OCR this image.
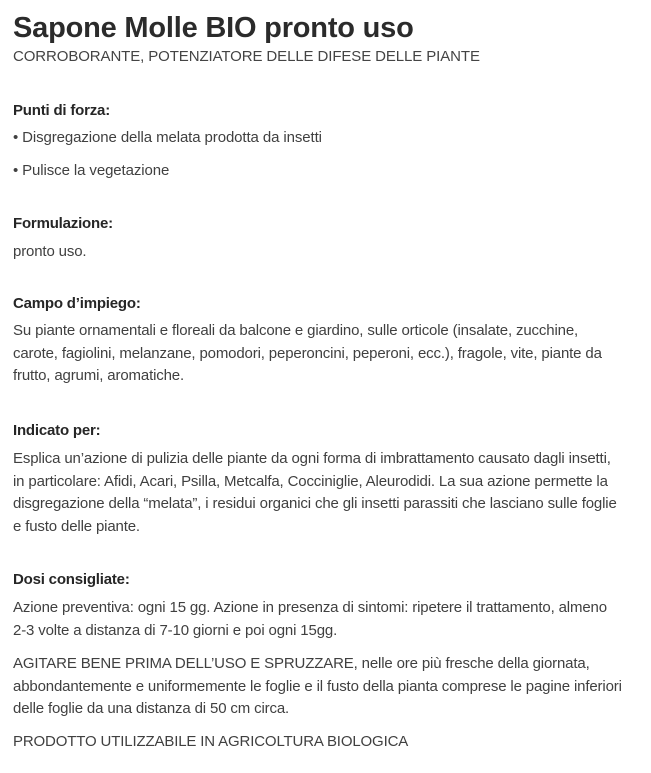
Sapone Molle BIO pronto uso
CORROBORANTE, POTENZIATORE DELLE DIFESE DELLE PIANTE
Punti di forza:
• Disgregazione della melata prodotta da insetti
• Pulisce la vegetazione
Formulazione:

pronto uso.

Campo d’impiego:

Su piante ornamentali e floreali da balcone e giardino, sulle orticole (insalate, zucchine, carote, fagiolini, melanzane, pomodori, peperoncini, peperoni, ecc.), fragole, vite, piante da frutto, agrumi, aromatiche.

Indicato per:

Esplica un’azione di pulizia delle piante da ogni forma di imbrattamento causato dagli insetti, in particolare: Afidi, Acari, Psilla, Metcalfa, Cocciniglie, Aleurodidi. La sua azione permette la disgregazione della “melata”, i residui organici che gli insetti parassiti che lasciano sulle foglie e fusto delle piante.

Dosi consigliate:

Azione preventiva: ogni 15 gg. Azione in presenza di sintomi: ripetere il trattamento, almeno 2-3 volte a distanza di 7-10 giorni e poi ogni 15gg.

AGITARE BENE PRIMA DELL’USO E SPRUZZARE, nelle ore più fresche della giornata, abbondantemente e uniformemente le foglie e il fusto della pianta comprese le pagine inferiori delle foglie da una distanza di 50 cm circa.

PRODOTTO UTILIZZABILE IN AGRICOLTURA BIOLOGICA
